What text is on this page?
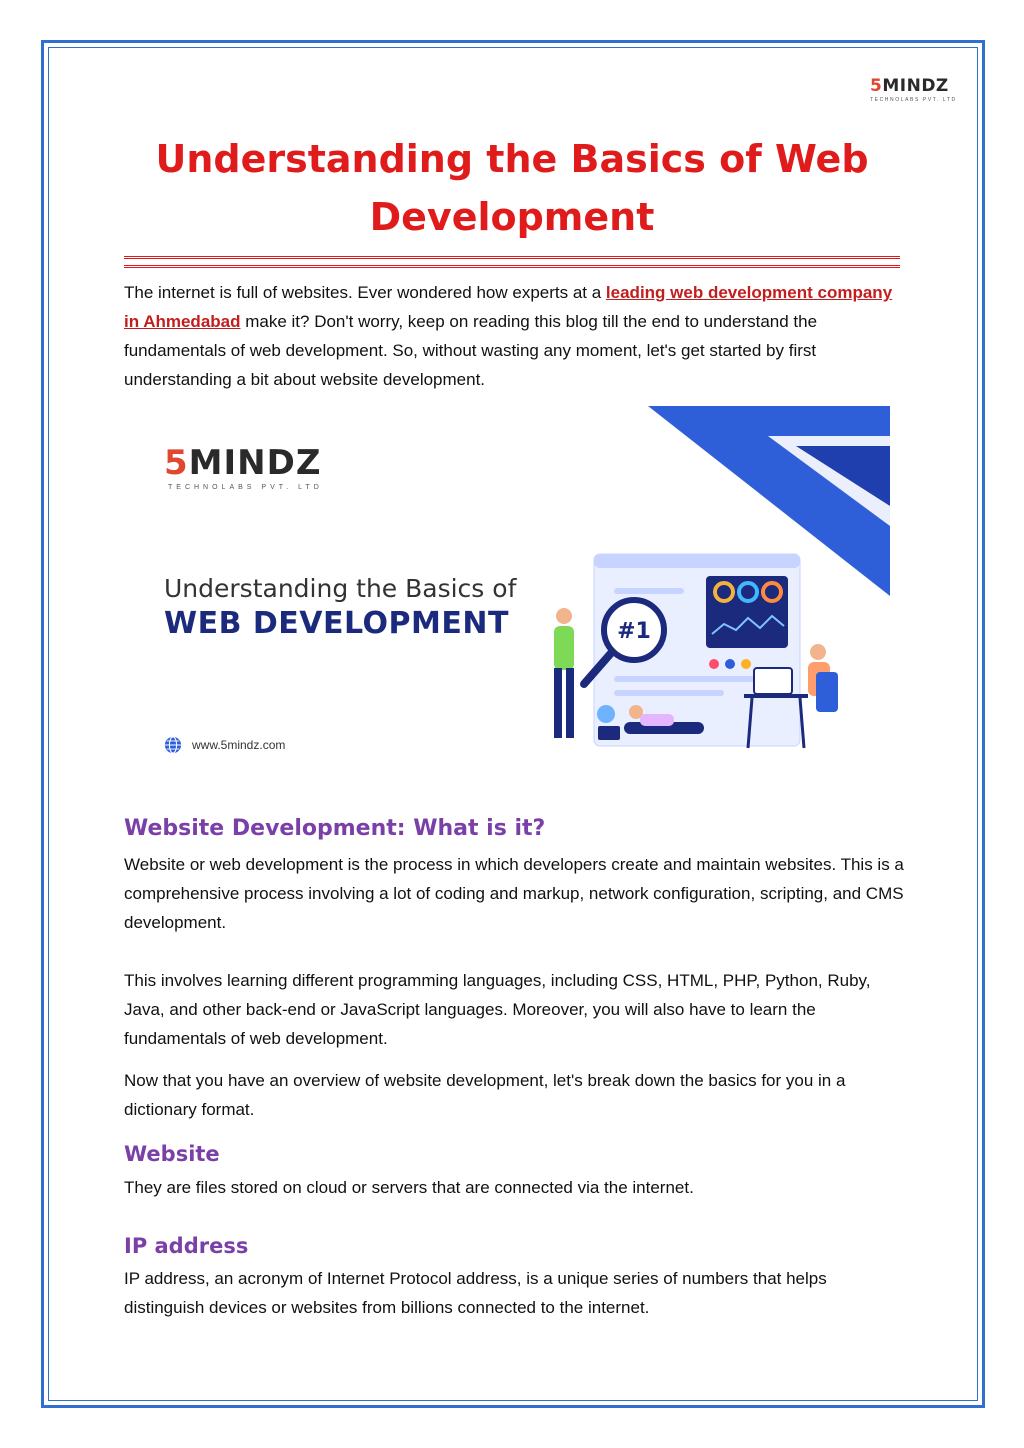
5MINDZ
TECHNOLABS PVT. LTD
Understanding the Basics of Web Development

The internet is full of websites. Ever wondered how experts at a leading web development company in Ahmedabad make it? Don't worry, keep on reading this blog till the end to understand the fundamentals of web development. So, without wasting any moment, let's get started by first understanding a bit about website development.

5MINDZ
TECHNOLABS PVT. LTD
Understanding the Basics of
WEB DEVELOPMENT
www.5mindz.com
#1
Website Development: What is it?

Website or web development is the process in which developers create and maintain websites. This is a comprehensive process involving a lot of coding and markup, network configuration, scripting, and CMS development.

This involves learning different programming languages, including CSS, HTML, PHP, Python, Ruby, Java, and other back-end or JavaScript languages. Moreover, you will also have to learn the fundamentals of web development.

Now that you have an overview of website development, let's break down the basics for you in a dictionary format.

Website

They are files stored on cloud or servers that are connected via the internet.

IP address

IP address, an acronym of Internet Protocol address, is a unique series of numbers that helps distinguish devices or websites from billions connected to the internet.
